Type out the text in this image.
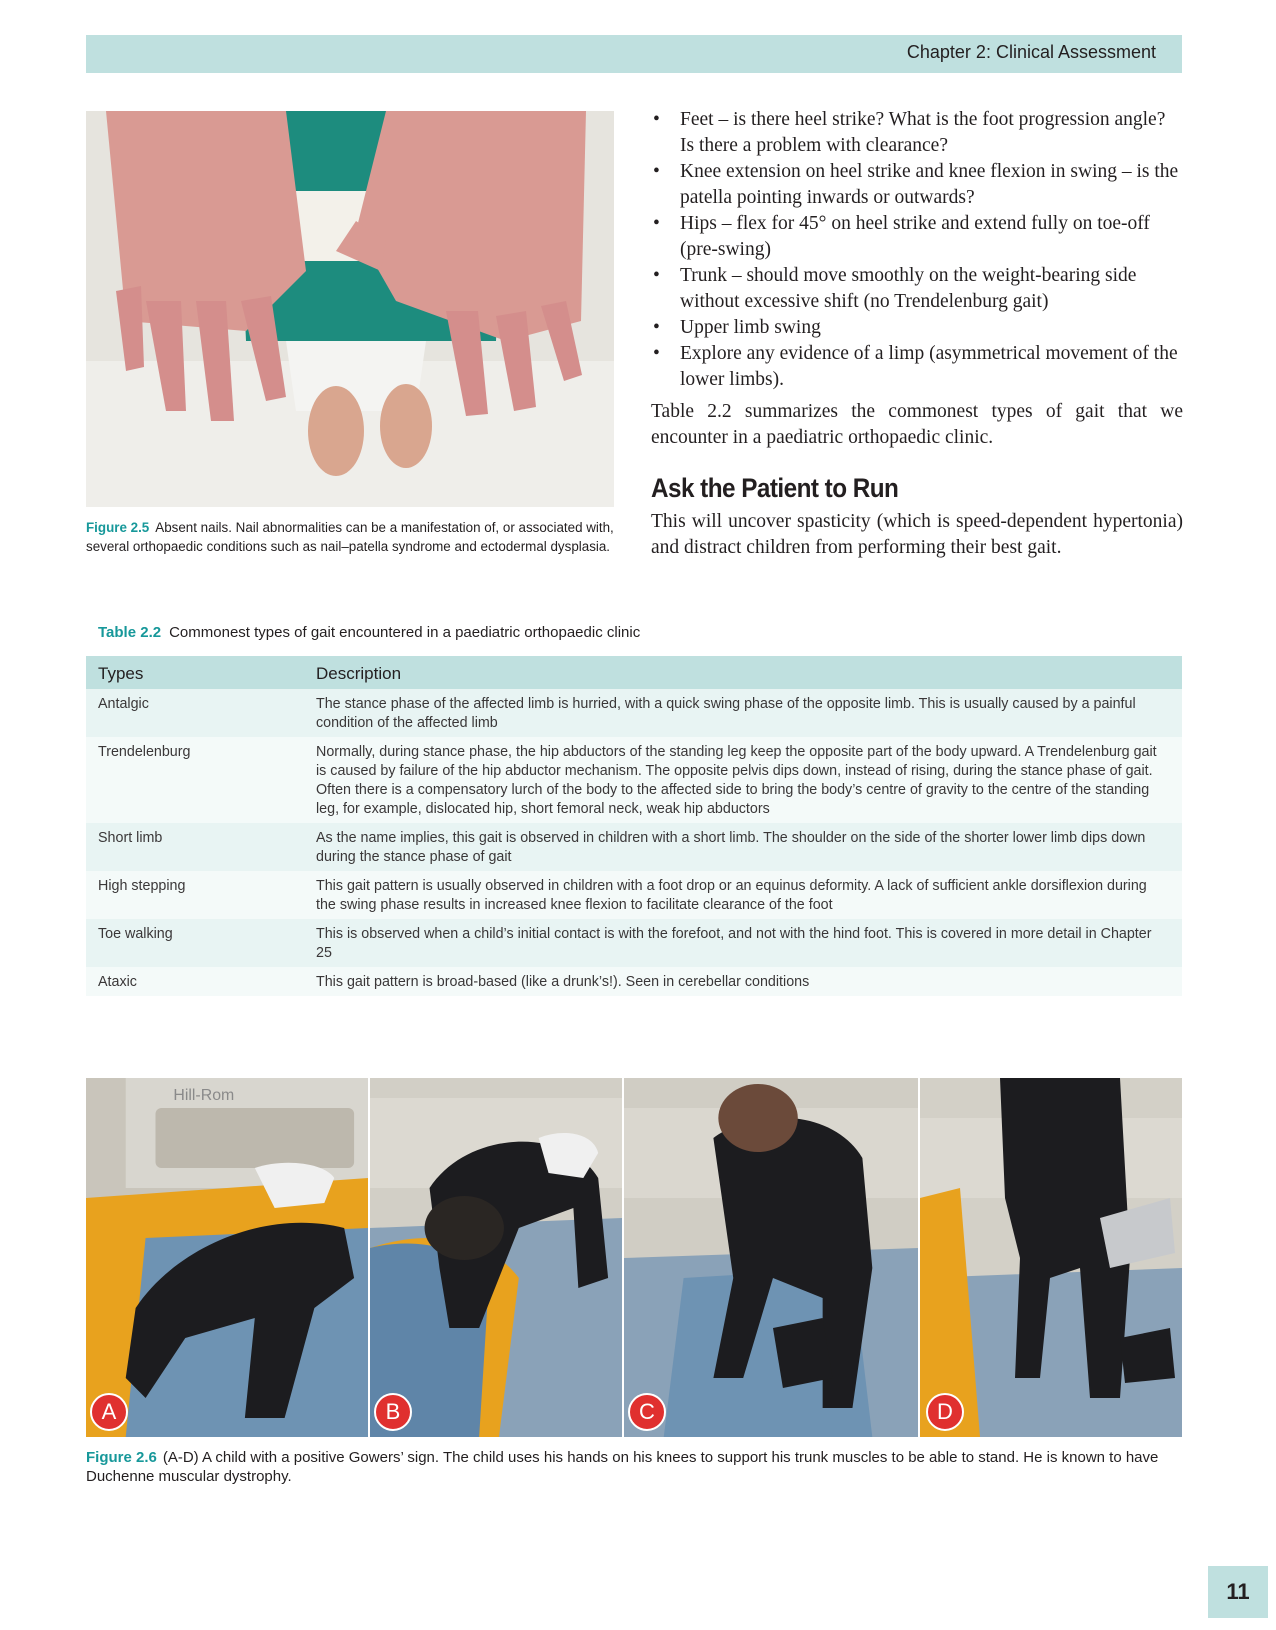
Chapter 2: Clinical Assessment
Figure 2.5 Absent nails. Nail abnormalities can be a manifestation of, or associated with, several orthopaedic conditions such as nail–patella syndrome and ectodermal dysplasia.
• Feet – is there heel strike? What is the foot progression angle? Is there a problem with clearance?
• Knee extension on heel strike and knee flexion in swing – is the patella pointing inwards or outwards?
• Hips – flex for 45° on heel strike and extend fully on toe-off (pre-swing)
• Trunk – should move smoothly on the weight-bearing side without excessive shift (no Trendelenburg gait)
• Upper limb swing
• Explore any evidence of a limp (asymmetrical movement of the lower limbs).

Table 2.2 summarizes the commonest types of gait that we encounter in a paediatric orthopaedic clinic.

Ask the Patient to Run

This will uncover spasticity (which is speed-dependent hypertonia) and distract children from performing their best gait.

Table 2.2 Commonest types of gait encountered in a paediatric orthopaedic clinic
Types	Description
Antalgic	The stance phase of the affected limb is hurried, with a quick swing phase of the opposite limb. This is usually caused by a painful condition of the affected limb
Trendelenburg	Normally, during stance phase, the hip abductors of the standing leg keep the opposite part of the body upward. A Trendelenburg gait is caused by failure of the hip abductor mechanism. The opposite pelvis dips down, instead of rising, during the stance phase of gait. Often there is a compensatory lurch of the body to the affected side to bring the body’s centre of gravity to the centre of the standing leg, for example, dislocated hip, short femoral neck, weak hip abductors
Short limb	As the name implies, this gait is observed in children with a short limb. The shoulder on the side of the shorter lower limb dips down during the stance phase of gait
High stepping	This gait pattern is usually observed in children with a foot drop or an equinus deformity. A lack of sufficient ankle dorsiflexion during the swing phase results in increased knee flexion to facilitate clearance of the foot
Toe walking	This is observed when a child’s initial contact is with the forefoot, and not with the hind foot. This is covered in more detail in Chapter 25
Ataxic	This gait pattern is broad-based (like a drunk’s!). Seen in cerebellar conditions
Hill-Rom
A	B	C	D
Figure 2.6 (A-D) A child with a positive Gowers’ sign. The child uses his hands on his knees to support his trunk muscles to be able to stand. He is known to have Duchenne muscular dystrophy.
11
